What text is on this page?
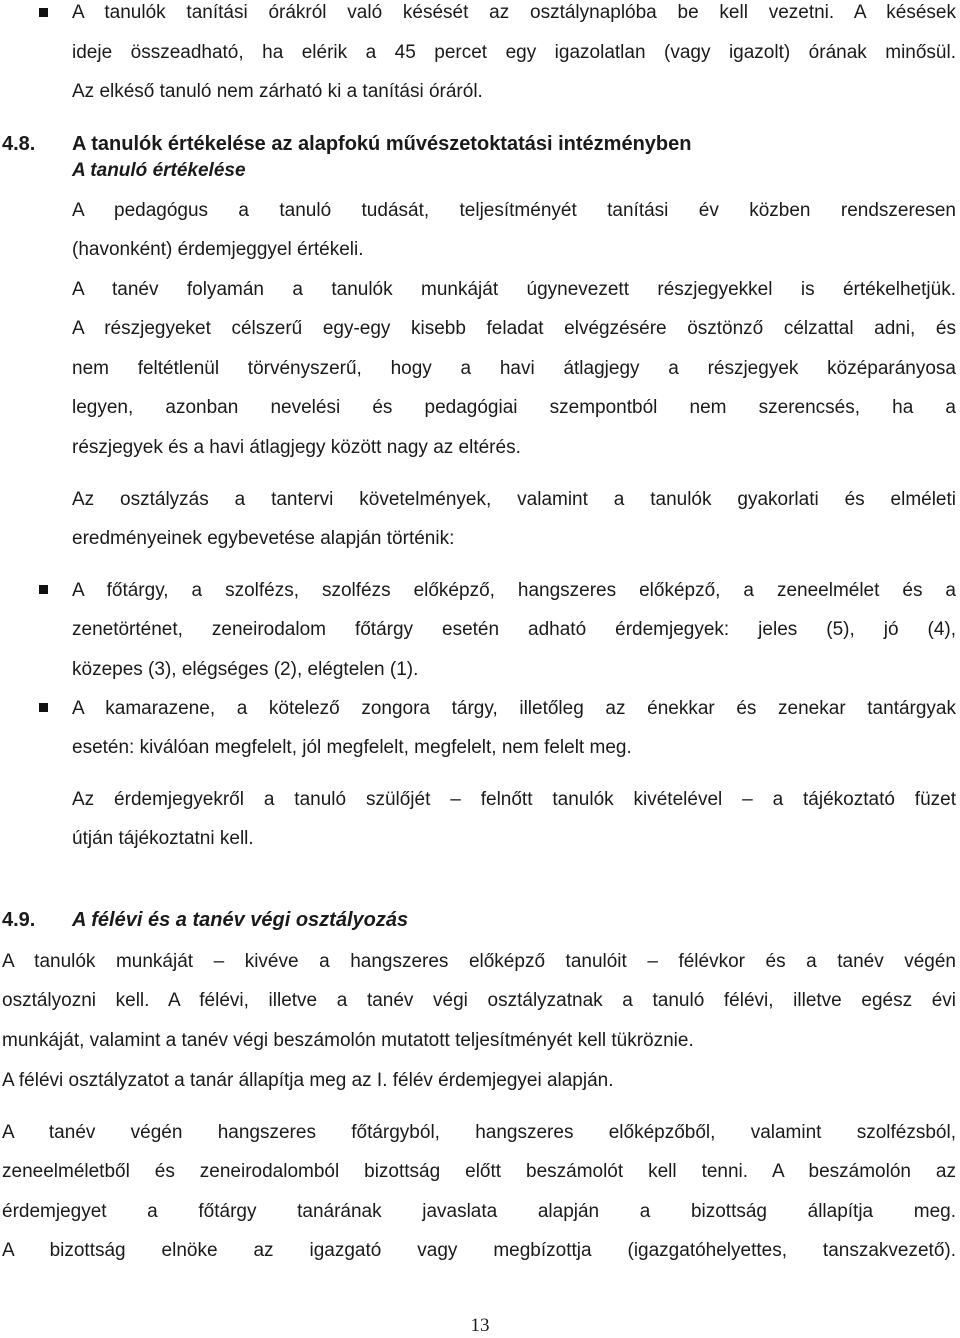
A tanulók tanítási órákról való késését az osztálynaplóba be kell vezetni. A késések
ideje összeadható, ha elérik a 45 percet egy igazolatlan (vagy igazolt) órának minősül.
Az elkéső tanuló nem zárható ki a tanítási óráról.
4.8. A tanulók értékelése az alapfokú művészetoktatási intézményben
A tanuló értékelése
A pedagógus a tanuló tudását, teljesítményét tanítási év közben rendszeresen
(havonként) érdemjeggyel értékeli.
A tanév folyamán a tanulók munkáját úgynevezett részjegyekkel is értékelhetjük.
A részjegyeket célszerű egy-egy kisebb feladat elvégzésére ösztönző célzattal adni, és
nem feltétlenül törvényszerű, hogy a havi átlagjegy a részjegyek középarányosa
legyen, azonban nevelési és pedagógiai szempontból nem szerencsés, ha a
részjegyek és a havi átlagjegy között nagy az eltérés.
Az osztályzás a tantervi követelmények, valamint a tanulók gyakorlati és elméleti
eredményeinek egybevetése alapján történik:
A főtárgy, a szolfézs, szolfézs előképző, hangszeres előképző, a zeneelmélet és a
zenetörténet, zeneirodalom főtárgy esetén adható érdemjegyek: jeles (5), jó (4),
közepes (3), elégséges (2), elégtelen (1).
A kamarazene, a kötelező zongora tárgy, illetőleg az énekkar és zenekar tantárgyak
esetén: kiválóan megfelelt, jól megfelelt, megfelelt, nem felelt meg.
Az érdemjegyekről a tanuló szülőjét – felnőtt tanulók kivételével – a tájékoztató füzet
útján tájékoztatni kell.
4.9. A félévi és a tanév végi osztályozás
A tanulók munkáját – kivéve a hangszeres előképző tanulóit – félévkor és a tanév végén
osztályozni kell. A félévi, illetve a tanév végi osztályzatnak a tanuló félévi, illetve egész évi
munkáját, valamint a tanév végi beszámolón mutatott teljesítményét kell tükröznie.
A félévi osztályzatot a tanár állapítja meg az I. félév érdemjegyei alapján.
A tanév végén hangszeres főtárgyból, hangszeres előképzőből, valamint szolfézsból,
zeneelméletből és zeneirodalomból bizottság előtt beszámolót kell tenni. A beszámolón az
érdemjegyet a főtárgy tanárának javaslata alapján a bizottság állapítja meg.
A bizottság elnöke az igazgató vagy megbízottja (igazgatóhelyettes, tanszakvezető).
13
